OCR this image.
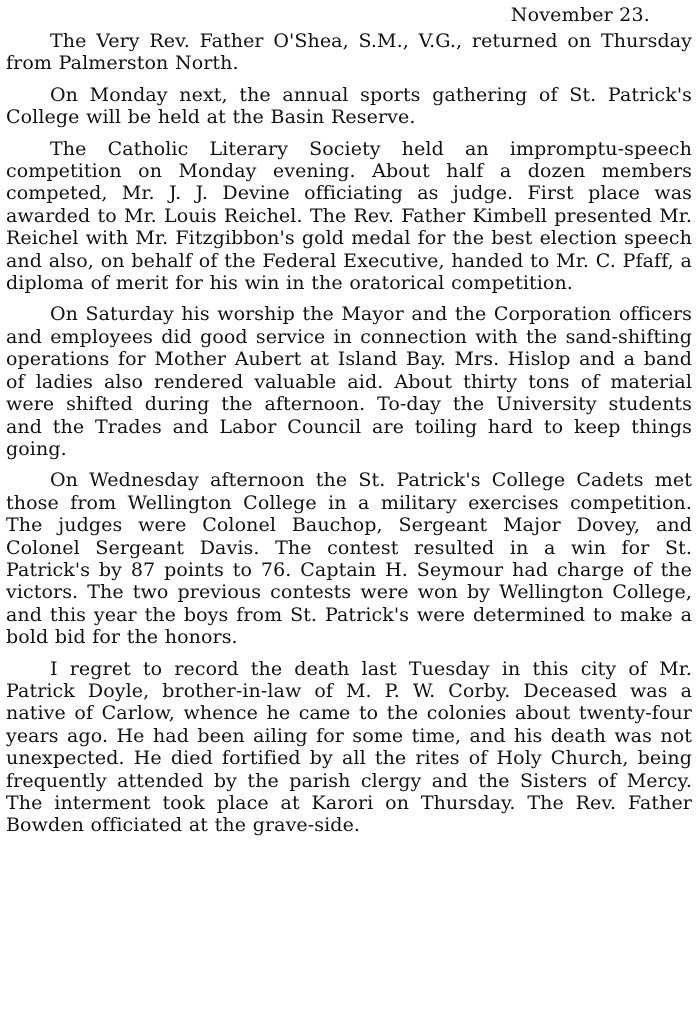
November 23.

The Very Rev. Father O'Shea, S.M., V.G., returned on Thursday from Palmerston North.

On Monday next, the annual sports gathering of St. Patrick's College will be held at the Basin Reserve.

The Catholic Literary Society held an impromptu-speech competition on Monday evening. About half a dozen members competed, Mr. J. J. Devine officiating as judge. First place was awarded to Mr. Louis Reichel. The Rev. Father Kimbell presented Mr. Reichel with Mr. Fitzgibbon's gold medal for the best election speech and also, on behalf of the Federal Executive, handed to Mr. C. Pfaff, a diploma of merit for his win in the oratorical competition.

On Saturday his worship the Mayor and the Corporation officers and employees did good service in connection with the sand-shifting operations for Mother Aubert at Island Bay. Mrs. Hislop and a band of ladies also rendered valuable aid. About thirty tons of material were shifted during the afternoon. To-day the University students and the Trades and Labor Council are toiling hard to keep things going.

On Wednesday afternoon the St. Patrick's College Cadets met those from Wellington College in a military exercises competition. The judges were Colonel Bauchop, Sergeant Major Dovey, and Colonel Sergeant Davis. The contest resulted in a win for St. Patrick's by 87 points to 76. Captain H. Seymour had charge of the victors. The two previous contests were won by Wellington College, and this year the boys from St. Patrick's were determined to make a bold bid for the honors.

I regret to record the death last Tuesday in this city of Mr. Patrick Doyle, brother-in-law of M. P. W. Corby. Deceased was a native of Carlow, whence he came to the colonies about twenty-four years ago. He had been ailing for some time, and his death was not unexpected. He died fortified by all the rites of Holy Church, being frequently attended by the parish clergy and the Sisters of Mercy. The interment took place at Karori on Thursday. The Rev. Father Bowden officiated at the grave-side.
